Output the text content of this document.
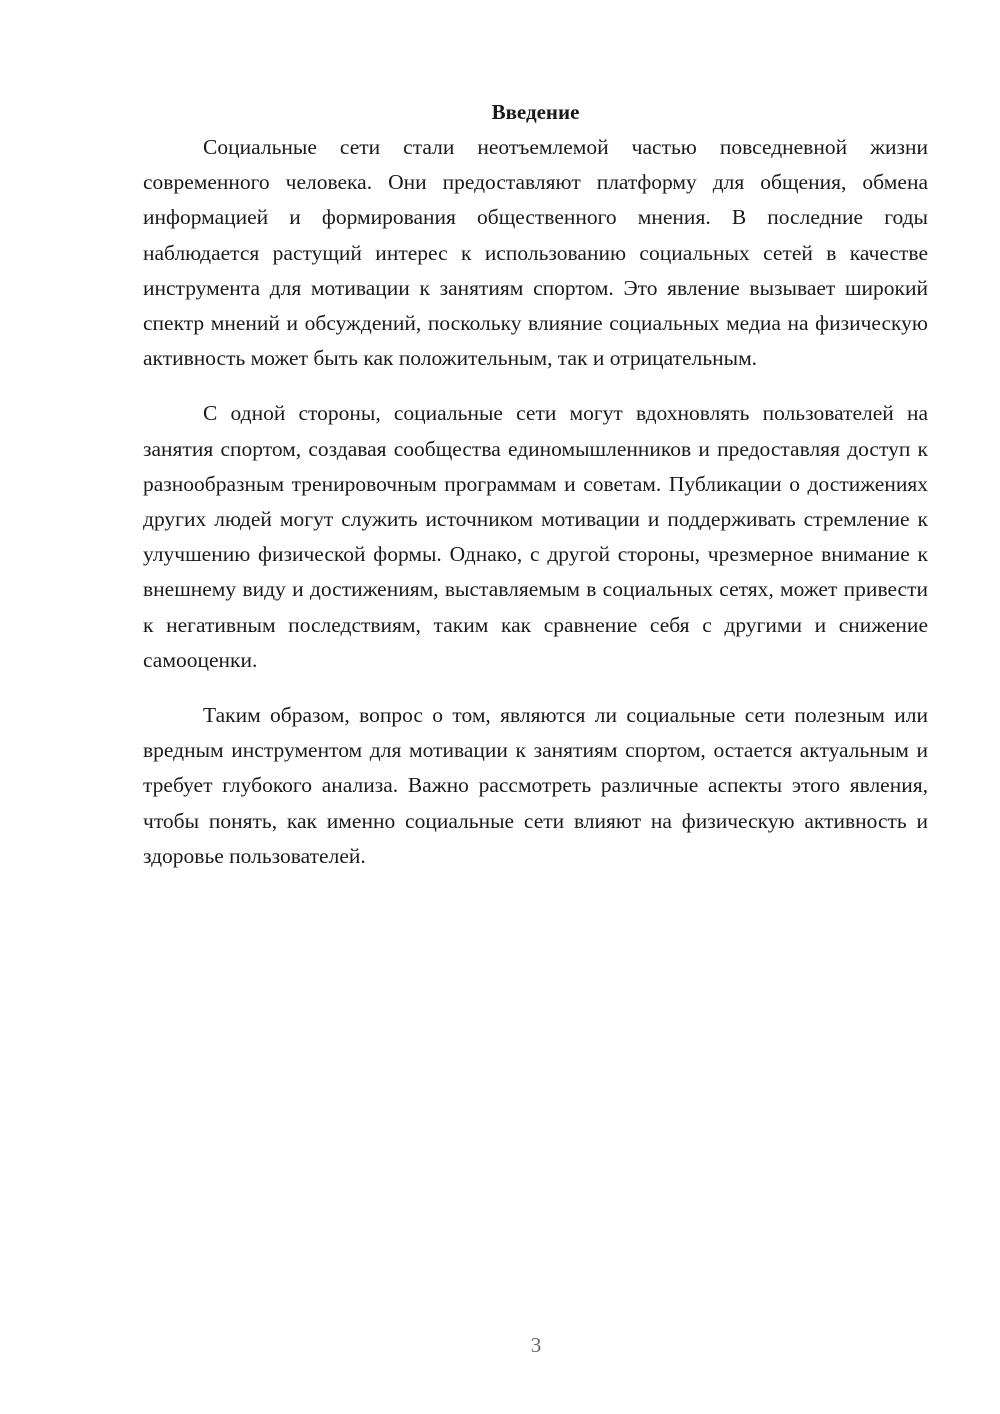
Введение

Социальные сети стали неотъемлемой частью повседневной жизни современного человека. Они предоставляют платформу для общения, обмена информацией и формирования общественного мнения. В последние годы наблюдается растущий интерес к использованию социальных сетей в качестве инструмента для мотивации к занятиям спортом. Это явление вызывает широкий спектр мнений и обсуждений, поскольку влияние социальных медиа на физическую активность может быть как положительным, так и отрицательным.

С одной стороны, социальные сети могут вдохновлять пользователей на занятия спортом, создавая сообщества единомышленников и предоставляя доступ к разнообразным тренировочным программам и советам. Публикации о достижениях других людей могут служить источником мотивации и поддерживать стремление к улучшению физической формы. Однако, с другой стороны, чрезмерное внимание к внешнему виду и достижениям, выставляемым в социальных сетях, может привести к негативным последствиям, таким как сравнение себя с другими и снижение самооценки.

Таким образом, вопрос о том, являются ли социальные сети полезным или вредным инструментом для мотивации к занятиям спортом, остается актуальным и требует глубокого анализа. Важно рассмотреть различные аспекты этого явления, чтобы понять, как именно социальные сети влияют на физическую активность и здоровье пользователей.

3
